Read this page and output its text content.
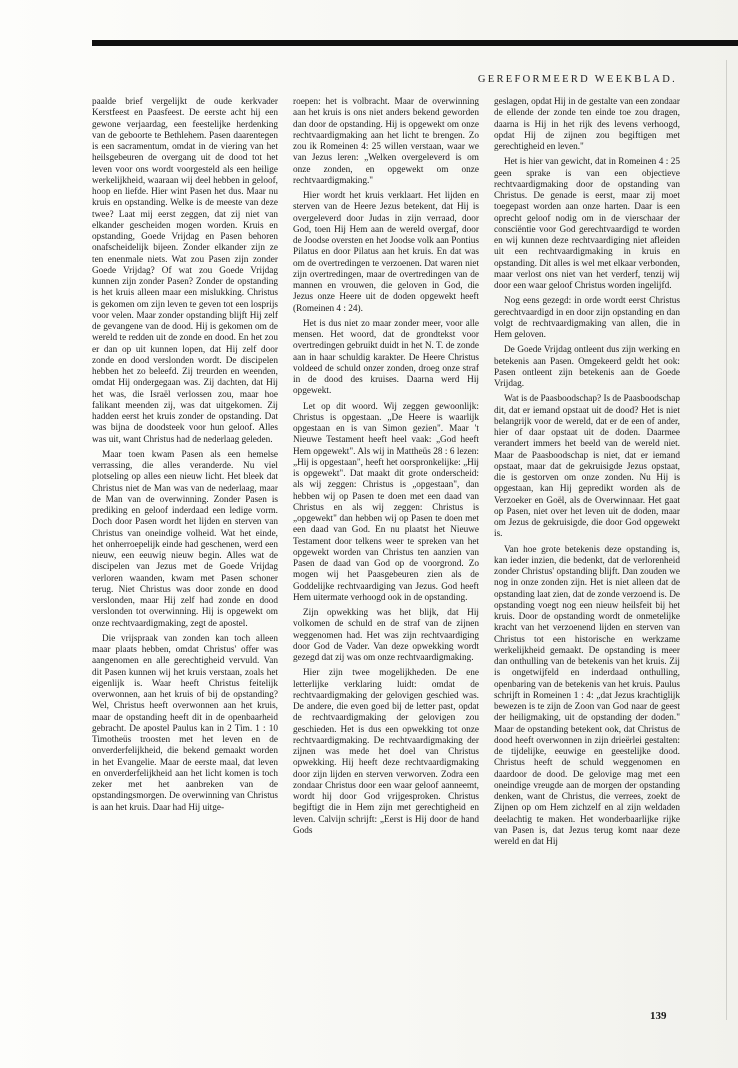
GEREFORMEERD WEEKBLAD.

paalde brief vergelijkt de oude kerkvader Kerstfeest en Paasfeest. De eerste acht hij een gewone verjaardag, een feestelijke herdenking van de geboorte te Bethlehem. Pasen daarentegen is een sacramentum, omdat in de viering van het heilsgebeuren de overgang uit de dood tot het leven voor ons wordt voorgesteld als een heilige werkelijkheid, waaraan wij deel hebben in geloof, hoop en liefde. Hier wint Pasen het dus. Maar nu kruis en opstanding. Welke is de meeste van deze twee? Laat mij eerst zeggen, dat zij niet van elkander gescheiden mogen worden. Kruis en opstanding, Goede Vrijdag en Pasen behoren onafscheidelijk bijeen. Zonder elkander zijn ze ten enenmale niets. Wat zou Pasen zijn zonder Goede Vrijdag? Of wat zou Goede Vrijdag kunnen zijn zonder Pasen? Zonder de opstanding is het kruis alleen maar een mislukking. Christus is gekomen om zijn leven te geven tot een losprijs voor velen. Maar zonder opstanding blijft Hij zelf de gevangene van de dood. Hij is gekomen om de wereld te redden uit de zonde en dood. En het zou er dan op uit kunnen lopen, dat Hij zelf door zonde en dood verslonden wordt. De discipelen hebben het zo beleefd. Zij treurden en weenden, omdat Hij ondergegaan was. Zij dachten, dat Hij het was, die Israël verlossen zou, maar hoe falikant meenden zij, was dat uitgekomen. Zij hadden eerst het kruis zonder de opstanding. Dat was bijna de doodsteek voor hun geloof. Alles was uit, want Christus had de nederlaag geleden.

Maar toen kwam Pasen als een hemelse verrassing, die alles veranderde. Nu viel plotseling op alles een nieuw licht. Het bleek dat Christus niet de Man was van de nederlaag, maar de Man van de overwinning. Zonder Pasen is prediking en geloof inderdaad een ledige vorm. Doch door Pasen wordt het lijden en sterven van Christus van oneindige volheid. Wat het einde, het onherroepelijk einde had geschenen, werd een nieuw, een eeuwig nieuw begin. Alles wat de discipelen van Jezus met de Goede Vrijdag verloren waanden, kwam met Pasen schoner terug. Niet Christus was door zonde en dood verslonden, maar Hij zelf had zonde en dood verslonden tot overwinning. Hij is opgewekt om onze rechtvaardigmaking, zegt de apostel.

Die vrijspraak van zonden kan toch alleen maar plaats hebben, omdat Christus' offer was aangenomen en alle gerechtigheid vervuld. Van dit Pasen kunnen wij het kruis verstaan, zoals het eigenlijk is. Waar heeft Christus feitelijk overwonnen, aan het kruis of bij de opstanding? Wel, Christus heeft overwonnen aan het kruis, maar de opstanding heeft dit in de openbaarheid gebracht. De apostel Paulus kan in 2 Tim. 1 : 10 Timotheüs troosten met het leven en de onverderfelijkheid, die bekend gemaakt worden in het Evangelie. Maar de eerste maal, dat leven en onverderfelijkheid aan het licht komen is toch zeker met het aanbreken van de opstandingsmorgen. De overwinning van Christus is aan het kruis. Daar had Hij uitge-

roepen: het is volbracht. Maar de overwinning aan het kruis is ons niet anders bekend geworden dan door de opstanding. Hij is opgewekt om onze rechtvaardigmaking aan het licht te brengen. Zo zou ik Romeinen 4: 25 willen verstaan, waar we van Jezus leren: „Welken overgeleverd is om onze zonden, en opgewekt om onze rechtvaardigmaking."

Hier wordt het kruis verklaart. Het lijden en sterven van de Heere Jezus betekent, dat Hij is overgeleverd door Judas in zijn verraad, door God, toen Hij Hem aan de wereld overgaf, door de Joodse oversten en het Joodse volk aan Pontius Pilatus en door Pilatus aan het kruis. En dat was om de overtredingen te verzoenen. Dat waren niet zijn overtredingen, maar de overtredingen van de mannen en vrouwen, die geloven in God, die Jezus onze Heere uit de doden opgewekt heeft (Romeinen 4 : 24).

Het is dus niet zo maar zonder meer, voor alle mensen. Het woord, dat de grondtekst voor overtredingen gebruikt duidt in het N. T. de zonde aan in haar schuldig karakter. De Heere Christus voldeed de schuld onzer zonden, droeg onze straf in de dood des kruises. Daarna werd Hij opgewekt.

Let op dit woord. Wij zeggen gewoonlijk: Christus is opgestaan. „De Heere is waarlijk opgestaan en is van Simon gezien". Maar 't Nieuwe Testament heeft heel vaak: „God heeft Hem opgewekt". Als wij in Mattheüs 28 : 6 lezen: „Hij is opgestaan", heeft het oorspronkelijke: „Hij is opgewekt". Dat maakt dit grote onderscheid: als wij zeggen: Christus is „opgestaan", dan hebben wij op Pasen te doen met een daad van Christus en als wij zeggen: Christus is „opgewekt" dan hebben wij op Pasen te doen met een daad van God. En nu plaatst het Nieuwe Testament door telkens weer te spreken van het opgewekt worden van Christus ten aanzien van Pasen de daad van God op de voorgrond. Zo mogen wij het Paasgebeuren zien als de Goddelijke rechtvaardiging van Jezus. God heeft Hem uitermate verhoogd ook in de opstanding.

Zijn opwekking was het blijk, dat Hij volkomen de schuld en de straf van de zijnen weggenomen had. Het was zijn rechtvaardiging door God de Vader. Van deze opwekking wordt gezegd dat zij was om onze rechtvaardigmaking.

Hier zijn twee mogelijkheden. De ene letterlijke verklaring luidt: omdat de rechtvaardigmaking der gelovigen geschied was. De andere, die even goed bij de letter past, opdat de rechtvaardigmaking der gelovigen zou geschieden. Het is dus een opwekking tot onze rechtvaardigmaking. De rechtvaardigmaking der zijnen was mede het doel van Christus opwekking. Hij heeft deze rechtvaardigmaking door zijn lijden en sterven verworven. Zodra een zondaar Christus door een waar geloof aanneemt, wordt hij door God vrijgesproken. Christus begiftigt die in Hem zijn met gerechtigheid en leven. Calvijn schrijft: „Eerst is Hij door de hand Gods

geslagen, opdat Hij in de gestalte van een zondaar de ellende der zonde ten einde toe zou dragen, daarna is Hij in het rijk des levens verhoogd, opdat Hij de zijnen zou begiftigen met gerechtigheid en leven."

Het is hier van gewicht, dat in Romeinen 4 : 25 geen sprake is van een objectieve rechtvaardigmaking door de opstanding van Christus. De genade is eerst, maar zij moet toegepast worden aan onze harten. Daar is een oprecht geloof nodig om in de vierschaar der consciëntie voor God gerechtvaardigd te worden en wij kunnen deze rechtvaardiging niet afleiden uit een rechtvaardigmaking in kruis en opstanding. Dit alles is wel met elkaar verbonden, maar verlost ons niet van het verderf, tenzij wij door een waar geloof Christus worden ingelijfd.

Nog eens gezegd: in orde wordt eerst Christus gerechtvaardigd in en door zijn opstanding en dan volgt de rechtvaardigmaking van allen, die in Hem geloven.

De Goede Vrijdag ontleent dus zijn werking en betekenis aan Pasen. Omgekeerd geldt het ook: Pasen ontleent zijn betekenis aan de Goede Vrijdag.

Wat is de Paasboodschap? Is de Paasboodschap dit, dat er iemand opstaat uit de dood? Het is niet belangrijk voor de wereld, dat er de een of ander, hier of daar opstaat uit de doden. Daarmee verandert immers het beeld van de wereld niet. Maar de Paasboodschap is niet, dat er iemand opstaat, maar dat de gekruisigde Jezus opstaat, die is gestorven om onze zonden. Nu Hij is opgestaan, kan Hij gepredikt worden als de Verzoeker en Goël, als de Overwinnaar. Het gaat op Pasen, niet over het leven uit de doden, maar om Jezus de gekruisigde, die door God opgewekt is.

Van hoe grote betekenis deze opstanding is, kan ieder inzien, die bedenkt, dat de verlorenheid zonder Christus' opstanding blijft. Dan zouden we nog in onze zonden zijn. Het is niet alleen dat de opstanding laat zien, dat de zonde verzoend is. De opstanding voegt nog een nieuw heilsfeit bij het kruis. Door de opstanding wordt de onmetelijke kracht van het verzoenend lijden en sterven van Christus tot een historische en werkzame werkelijkheid gemaakt. De opstanding is meer dan onthulling van de betekenis van het kruis. Zij is ongetwijfeld en inderdaad onthulling, openbaring van de betekenis van het kruis. Paulus schrijft in Romeinen 1 : 4: „dat Jezus krachtiglijk bewezen is te zijn de Zoon van God naar de geest der heiligmaking, uit de opstanding der doden." Maar de opstanding betekent ook, dat Christus de dood heeft overwonnen in zijn drieërlei gestalten: de tijdelijke, eeuwige en geestelijke dood. Christus heeft de schuld weggenomen en daardoor de dood. De gelovige mag met een oneindige vreugde aan de morgen der opstanding denken, want de Christus, die verrees, zoekt de Zijnen op om Hem zichzelf en al zijn weldaden deelachtig te maken. Het wonderbaarlijke rijke van Pasen is, dat Jezus terug komt naar deze wereld en dat Hij

139
